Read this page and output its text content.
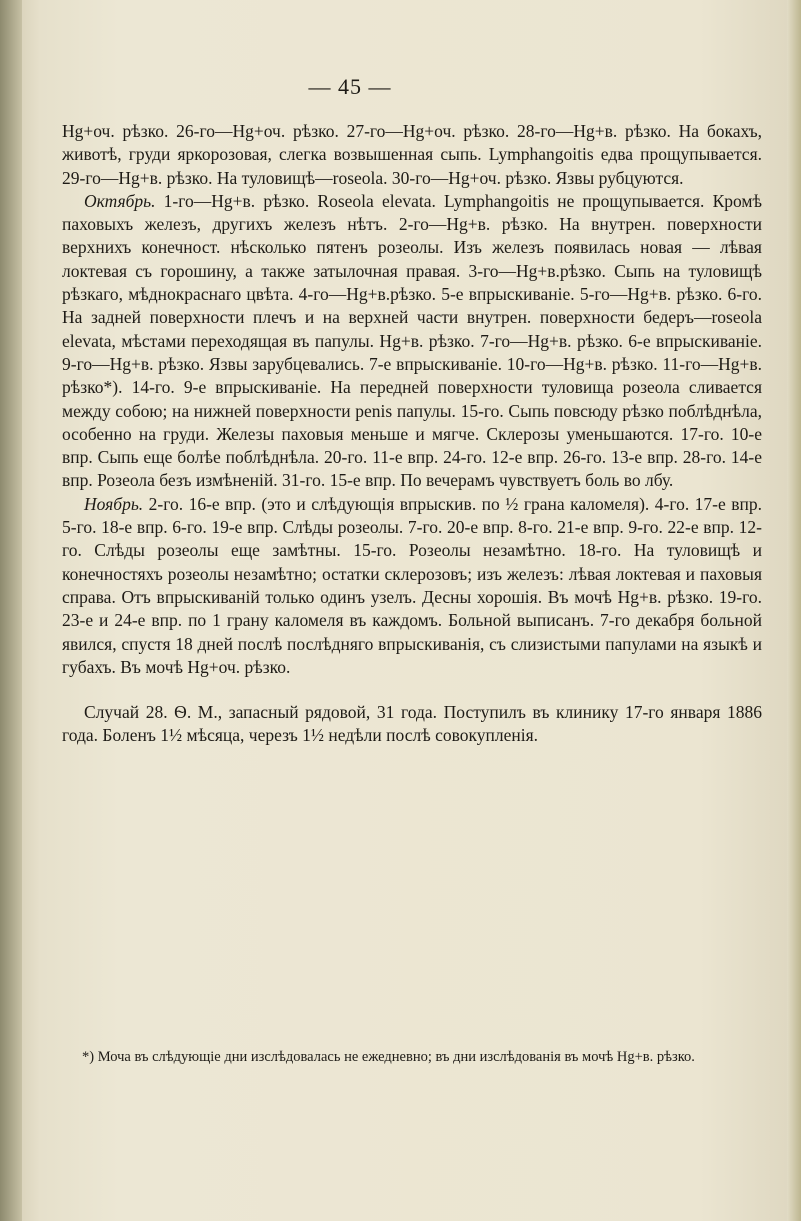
— 45 —

Hg+оч. рѣзко. 26-го—Hg+оч. рѣзко. 27-го—Hg+оч. рѣзко. 28-го—Hg+в. рѣзко. На бокахъ, животѣ, груди яркорозовая, слегка возвышенная сыпь. Lymphangoitis едва прощупывается. 29-го—Hg+в. рѣзко. На туловищѣ—roseola. 30-го—Hg+оч. рѣзко. Язвы рубцуются.

Октябрь. 1-го—Hg+в. рѣзко. Roseola elevata. Lymphangoitis не прощупывается. Кромѣ паховыхъ железъ, другихъ железъ нѣтъ. 2-го—Hg+в. рѣзко. На внутрен. поверхности верхнихъ конечност. нѣсколько пятенъ розеолы. Изъ железъ появилась новая — лѣвая локтевая съ горошину, а также затылочная правая. 3-го—Hg+в.рѣзко. Сыпь на туловищѣ рѣзкаго, мѣднокраснаго цвѣта. 4-го—Hg+в.рѣзко. 5-е впрыскиваніе. 5-го—Hg+в. рѣзко. 6-го. На задней поверхности плечъ и на верхней части внутрен. поверхности бедеръ—roseola elevata, мѣстами переходящая въ папулы. Hg+в. рѣзко. 7-го—Hg+в. рѣзко. 6-е впрыскиваніе. 9-го—Hg+в. рѣзко. Язвы зарубцевались. 7-е впрыскиваніе. 10-го—Hg+в. рѣзко. 11-го—Hg+в. рѣзко*). 14-го. 9-е впрыскиваніе. На передней поверхности туловища розеола сливается между собою; на нижней поверхности penis папулы. 15-го. Сыпь повсюду рѣзко поблѣднѣла, особенно на груди. Железы паховыя меньше и мягче. Склерозы уменьшаются. 17-го. 10-е впр. Сыпь еще болѣе поблѣднѣла. 20-го. 11-е впр. 24-го. 12-е впр. 26-го. 13-е впр. 28-го. 14-е впр. Розеола безъ измѣненій. 31-го. 15-е впр. По вечерамъ чувствуетъ боль во лбу.

Ноябрь. 2-го. 16-е впр. (это и слѣдующія впрыскив. по ½ грана каломеля). 4-го. 17-е впр. 5-го. 18-е впр. 6-го. 19-е впр. Слѣды розеолы. 7-го. 20-е впр. 8-го. 21-е впр. 9-го. 22-е впр. 12-го. Слѣды розеолы еще замѣтны. 15-го. Розеолы незамѣтно. 18-го. На туловищѣ и конечностяхъ розеолы незамѣтно; остатки склерозовъ; изъ железъ: лѣвая локтевая и паховыя справа. Отъ впрыскиваній только одинъ узелъ. Десны хорошія. Въ мочѣ Hg+в. рѣзко. 19-го. 23-е и 24-е впр. по 1 грану каломеля въ каждомъ. Больной выписанъ. 7-го декабря больной явился, спустя 18 дней послѣ послѣдняго впрыскиванія, съ слизистыми папулами на языкѣ и губахъ. Въ мочѣ Hg+оч. рѣзко.

Случай 28. Ѳ. М., запасный рядовой, 31 года. Поступилъ въ клинику 17-го января 1886 года. Боленъ 1½ мѣсяца, черезъ 1½ недѣли послѣ совокупленія.

*) Моча въ слѣдующіе дни изслѣдовалась не ежедневно; въ дни изслѣдованія въ мочѣ Hg+в. рѣзко.
